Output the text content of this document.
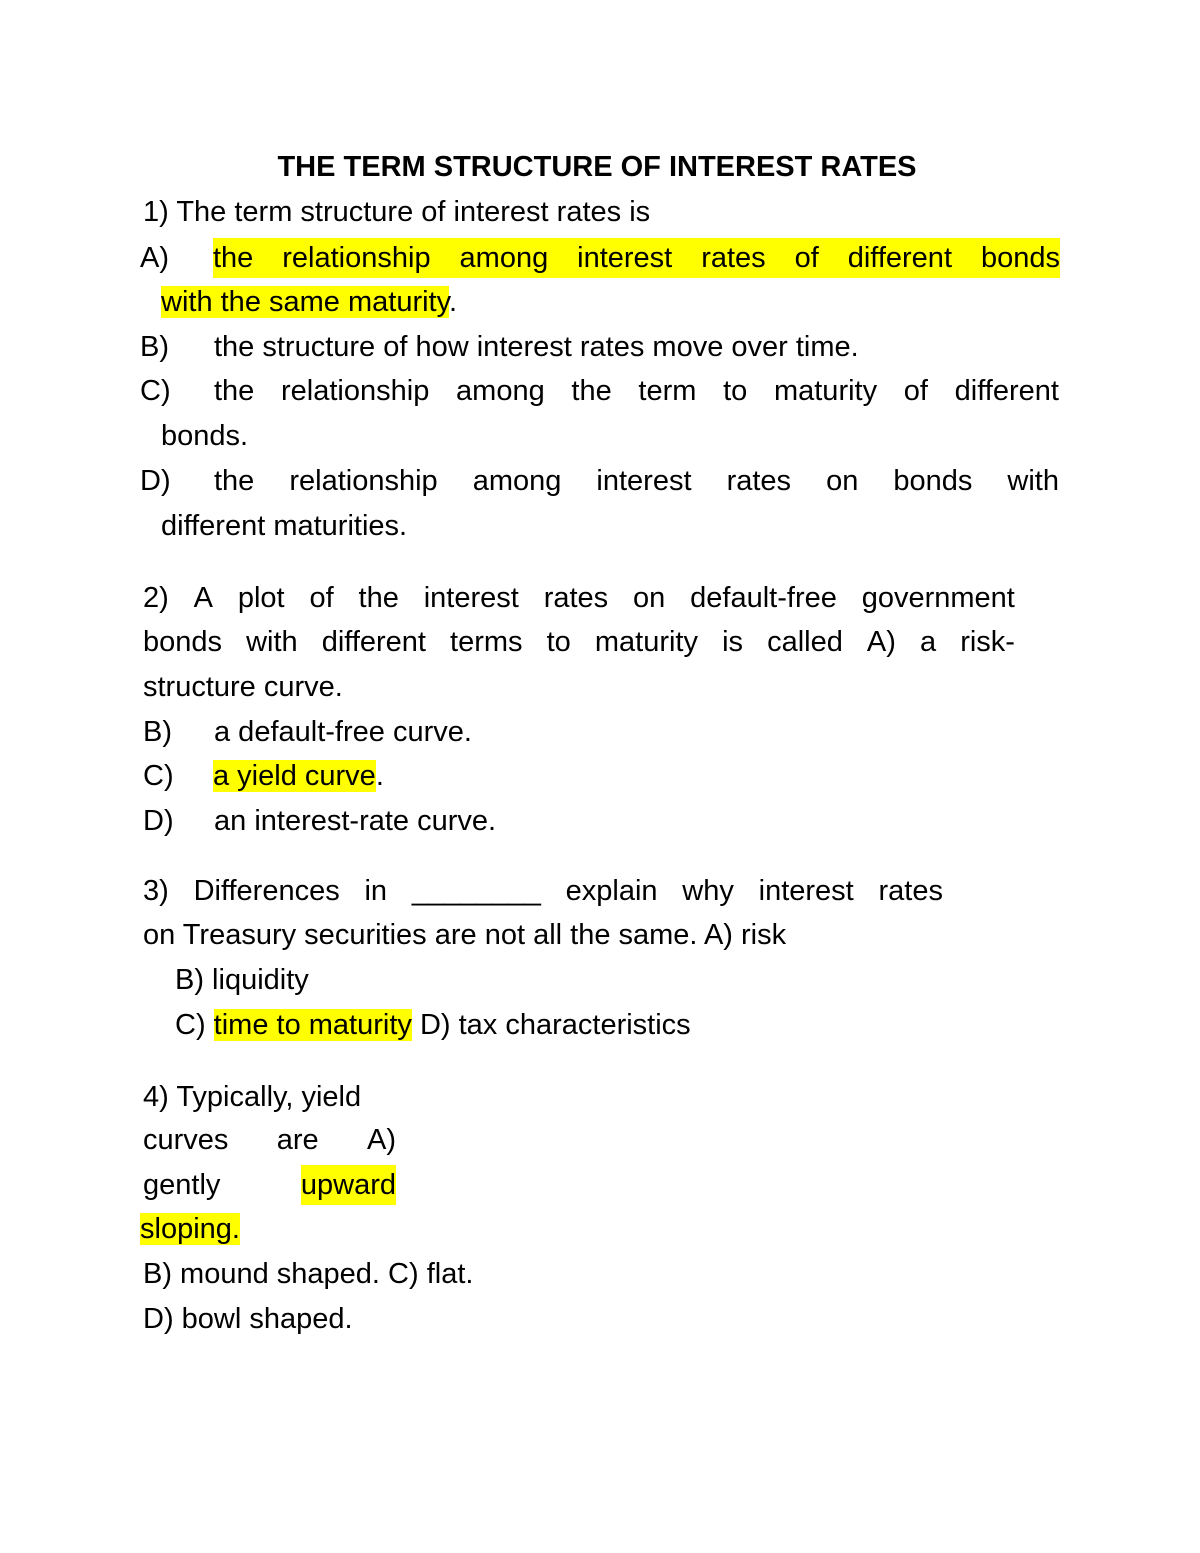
THE TERM STRUCTURE OF INTEREST RATES
1) The term structure of interest rates is
A) the relationship among interest rates of different bonds
with the same maturity.
B) the structure of how interest rates move over time.
C) the relationship among the term to maturity of different
bonds.
D) the relationship among interest rates on bonds with
different maturities.
2) A plot of the interest rates on default-free government
bonds with different terms to maturity is called A) a risk-
structure curve.
B) a default-free curve.
C) a yield curve.
D) an interest-rate curve.
3) Differences in ________ explain why interest rates
on Treasury securities are not all the same. A) risk
B) liquidity
C) time to maturity D) tax characteristics
4) Typically, yield
curves are A)
gently	upward
sloping.
B) mound shaped. C) flat.
D) bowl shaped.
